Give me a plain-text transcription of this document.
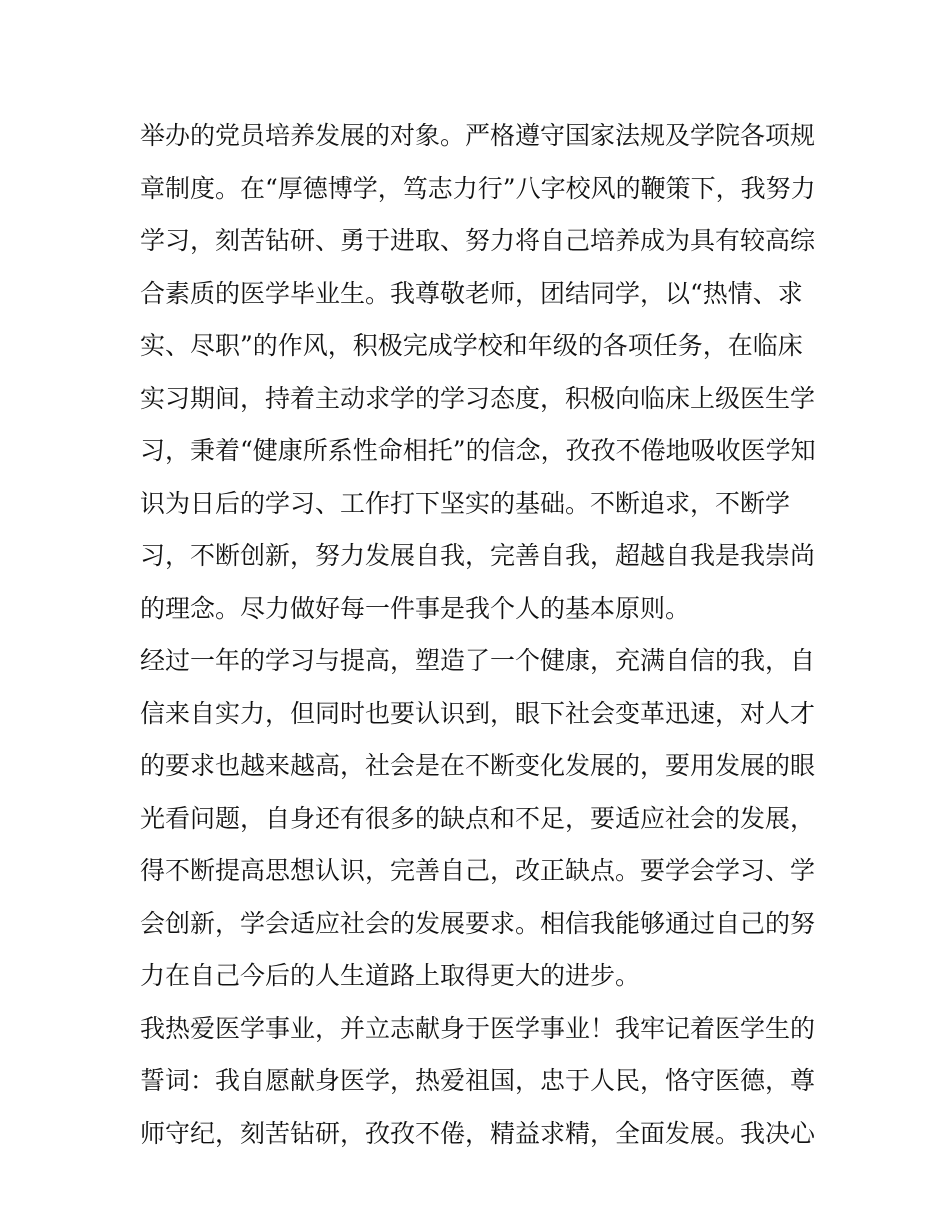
举办的党员培养发展的对象。严格遵守国家法规及学院各项规
章制度。在“厚德博学，笃志力行”八字校风的鞭策下，我努力
学习，刻苦钻研、勇于进取、努力将自己培养成为具有较高综
合素质的医学毕业生。我尊敬老师，团结同学，以“热情、求
实、尽职”的作风，积极完成学校和年级的各项任务，在临床
实习期间，持着主动求学的学习态度，积极向临床上级医生学
习，秉着“健康所系性命相托”的信念，孜孜不倦地吸收医学知
识为日后的学习、工作打下坚实的基础。不断追求，不断学
习，不断创新，努力发展自我，完善自我，超越自我是我崇尚
的理念。尽力做好每一件事是我个人的基本原则。
经过一年的学习与提高，塑造了一个健康，充满自信的我，自
信来自实力，但同时也要认识到，眼下社会变革迅速，对人才
的要求也越来越高，社会是在不断变化发展的，要用发展的眼
光看问题，自身还有很多的缺点和不足，要适应社会的发展，
得不断提高思想认识，完善自己，改正缺点。要学会学习、学
会创新，学会适应社会的发展要求。相信我能够通过自己的努
力在自己今后的人生道路上取得更大的进步。
我热爱医学事业，并立志献身于医学事业！我牢记着医学生的
誓词：我自愿献身医学，热爱祖国，忠于人民，恪守医德，尊
师守纪，刻苦钻研，孜孜不倦，精益求精，全面发展。我决心
